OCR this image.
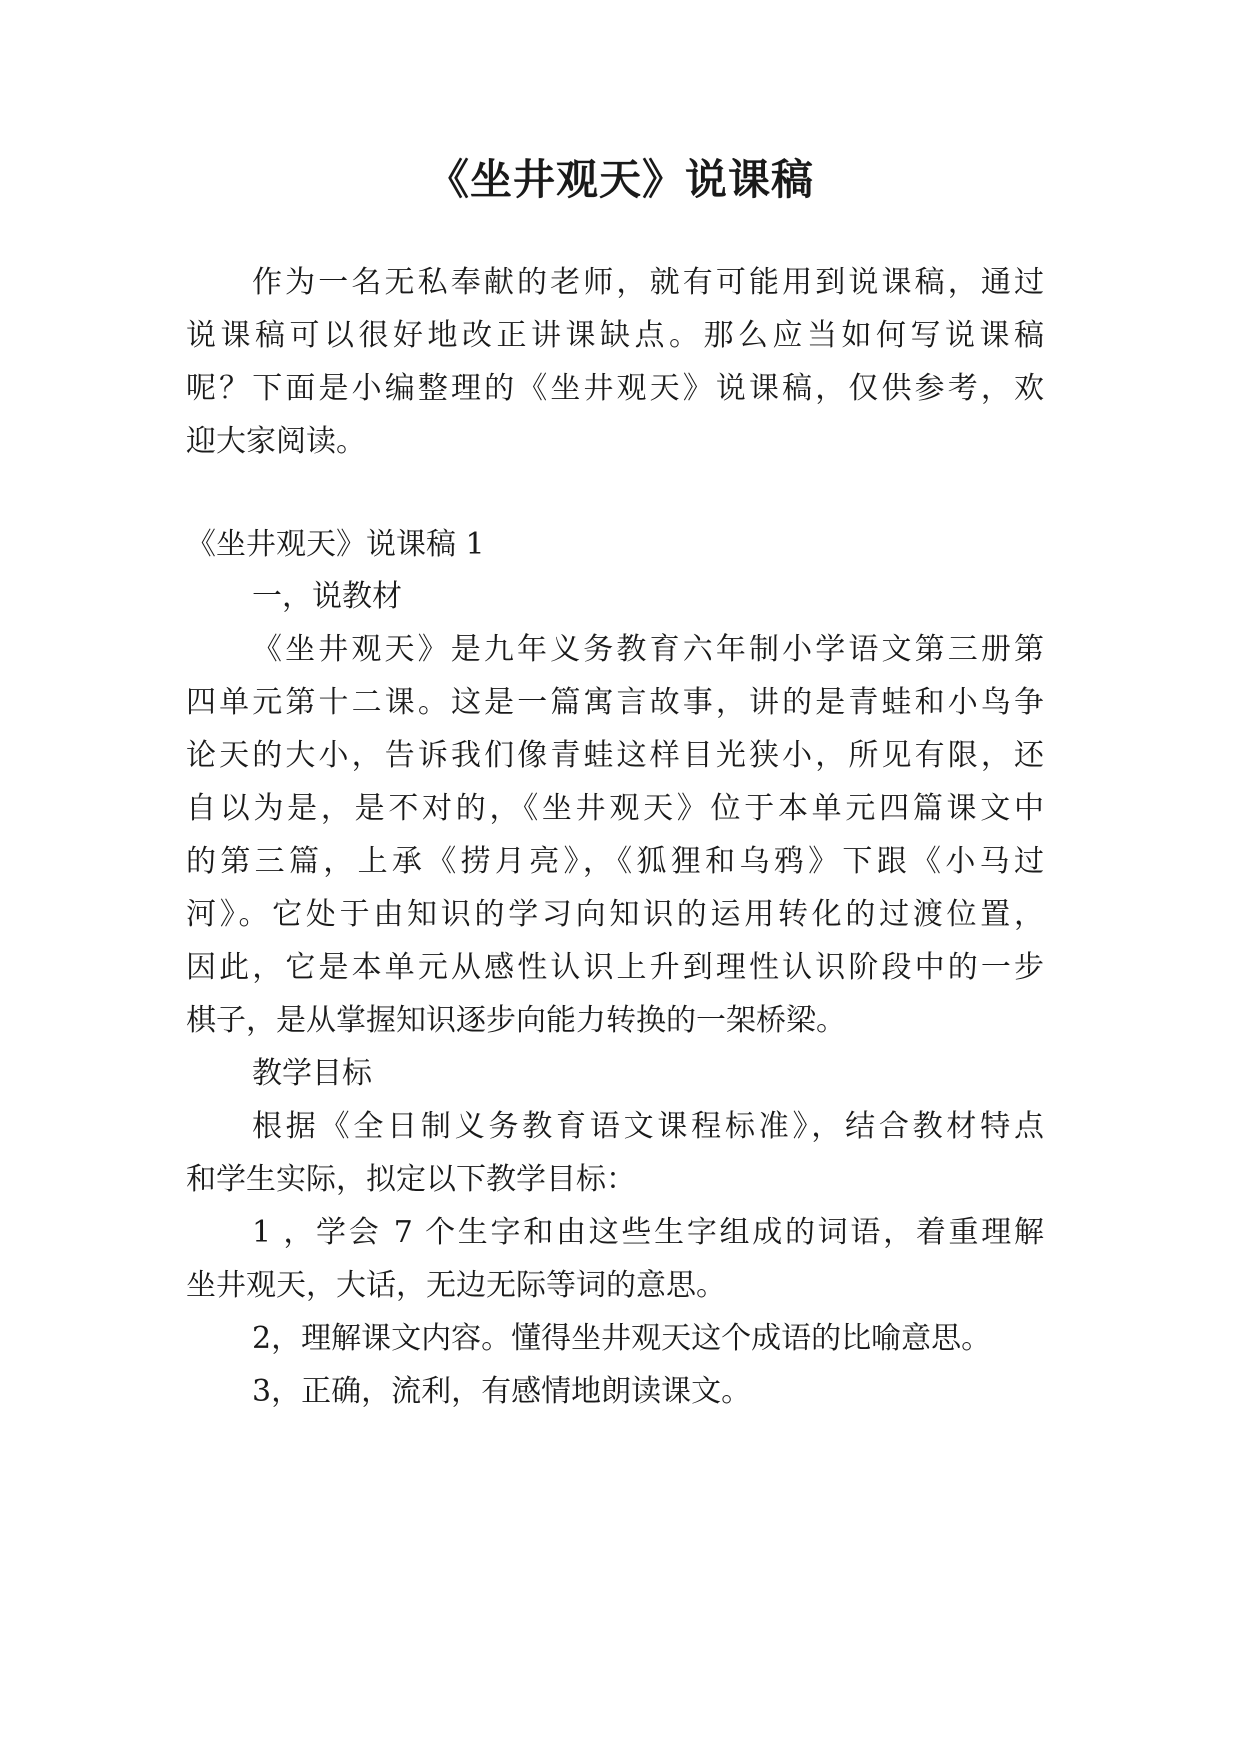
《坐井观天》说课稿

作为一名无私奉献的老师，就有可能用到说课稿，通过

说课稿可以很好地改正讲课缺点。那么应当如何写说课稿

呢？下面是小编整理的《坐井观天》说课稿，仅供参考，欢

迎大家阅读。

《坐井观天》说课稿 1

一，说教材

《坐井观天》是九年义务教育六年制小学语文第三册第

四单元第十二课。这是一篇寓言故事，讲的是青蛙和小鸟争

论天的大小，告诉我们像青蛙这样目光狭小，所见有限，还

自以为是，是不对的，《坐井观天》位于本单元四篇课文中

的第三篇，上承《捞月亮》，《狐狸和乌鸦》下跟《小马过

河》。它处于由知识的学习向知识的运用转化的过渡位置，

因此，它是本单元从感性认识上升到理性认识阶段中的一步

棋子，是从掌握知识逐步向能力转换的一架桥梁。

教学目标

根据《全日制义务教育语文课程标准》，结合教材特点

和学生实际，拟定以下教学目标：

1 ，学会 7 个生字和由这些生字组成的词语，着重理解

坐井观天，大话，无边无际等词的意思。

2，理解课文内容。懂得坐井观天这个成语的比喻意思。

3，正确，流利，有感情地朗读课文。
